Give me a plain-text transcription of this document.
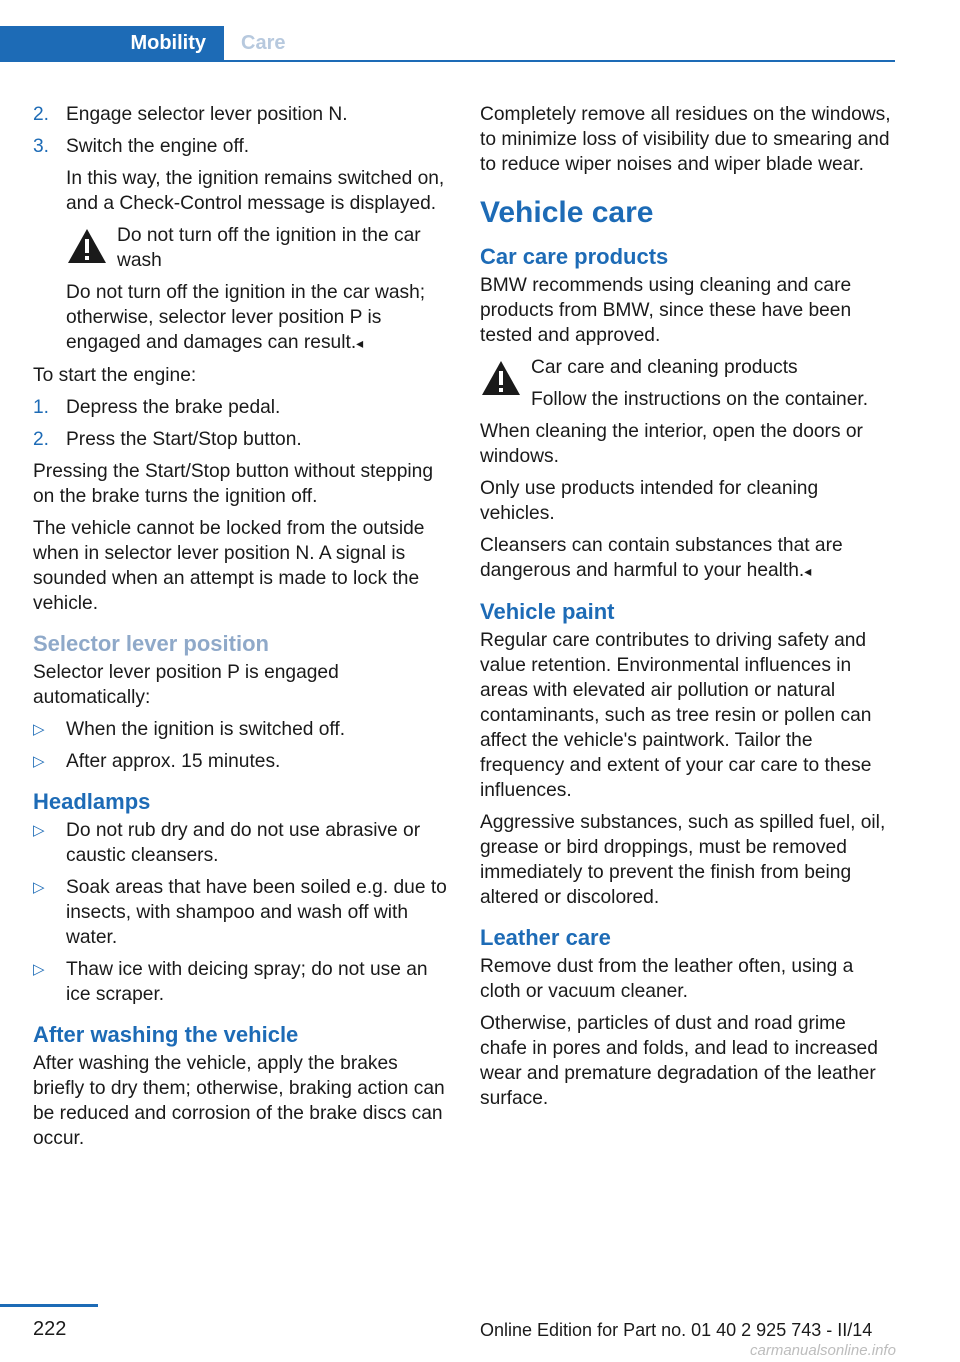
Mobility	Care
2. Engage selector lever position N.
3. Switch the engine off.
In this way, the ignition remains switched on, and a Check-Control message is displayed.
Do not turn off the ignition in the car wash
Do not turn off the ignition in the car wash; otherwise, selector lever position P is engaged and damages can result.◂

To start the engine:

1. Depress the brake pedal.
2. Press the Start/Stop button.

Pressing the Start/Stop button without stepping on the brake turns the ignition off.

The vehicle cannot be locked from the outside when in selector lever position N. A signal is sounded when an attempt is made to lock the vehicle.

Selector lever position

Selector lever position P is engaged automatically:

▷ When the ignition is switched off.
▷ After approx. 15 minutes.
Headlamps
▷ Do not rub dry and do not use abrasive or caustic cleansers.
▷ Soak areas that have been soiled e.g. due to insects, with shampoo and wash off with water.
▷ Thaw ice with deicing spray; do not use an ice scraper.
After washing the vehicle

After washing the vehicle, apply the brakes briefly to dry them; otherwise, braking action can be reduced and corrosion of the brake discs can occur.

Completely remove all residues on the windows, to minimize loss of visibility due to smearing and to reduce wiper noises and wiper blade wear.

Vehicle care
Car care products

BMW recommends using cleaning and care products from BMW, since these have been tested and approved.

Car care and cleaning products
Follow the instructions on the container.

When cleaning the interior, open the doors or windows.

Only use products intended for cleaning vehicles.

Cleansers can contain substances that are dangerous and harmful to your health.◂

Vehicle paint

Regular care contributes to driving safety and value retention. Environmental influences in areas with elevated air pollution or natural contaminants, such as tree resin or pollen can affect the vehicle's paintwork. Tailor the frequency and extent of your car care to these influences.

Aggressive substances, such as spilled fuel, oil, grease or bird droppings, must be removed immediately to prevent the finish from being altered or discolored.

Leather care

Remove dust from the leather often, using a cloth or vacuum cleaner.

Otherwise, particles of dust and road grime chafe in pores and folds, and lead to increased wear and premature degradation of the leather surface.

222	Online Edition for Part no. 01 40 2 925 743 - II/14
carmanualsonline.info
